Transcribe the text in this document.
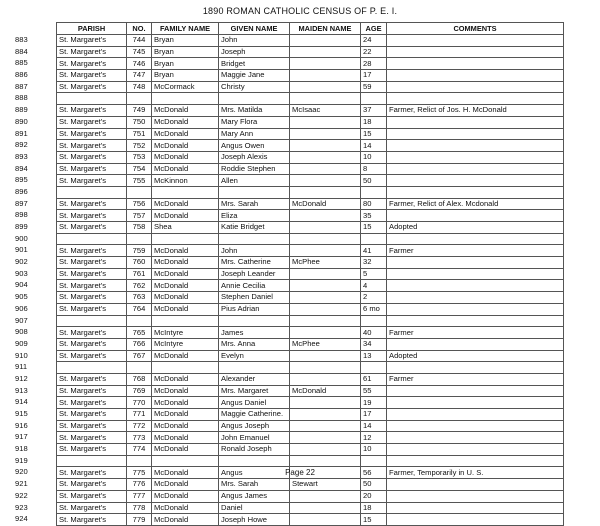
1890 ROMAN CATHOLIC CENSUS OF P. E. I.
PARISH	NO.	FAMILY NAME	GIVEN NAME	MAIDEN NAME	AGE	COMMENTS

883 St. Margaret's	744	Bryan	John		24	

884 St. Margaret's	745	Bryan	Joseph		22	

885 St. Margaret's	746	Bryan	Bridget		28	

886 St. Margaret's	747	Bryan	Maggie Jane		17	

887 St. Margaret's	748	McCormack	Christy		59	

888						

889 St. Margaret's	749	McDonald	Mrs. Matilda	McIsaac	37	Farmer, Relict of Jos. H. McDonald

890 St. Margaret's	750	McDonald	Mary Flora		18	

891 St. Margaret's	751	McDonald	Mary Ann		15	

892 St. Margaret's	752	McDonald	Angus Owen		14	

893 St. Margaret's	753	McDonald	Joseph Alexis		10	

894 St. Margaret's	754	McDonald	Roddie Stephen		8	

895 St. Margaret's	755	McKinnon	Allen		50	

896						

897 St. Margaret's	756	McDonald	Mrs. Sarah	McDonald	80	Farmer, Relict of Alex. Mcdonald

898 St. Margaret's	757	McDonald	Eliza		35	

899 St. Margaret's	758	Shea	Katie Bridget		15	Adopted

900						

901 St. Margaret's	759	McDonald	John		41	Farmer

902 St. Margaret's	760	McDonald	Mrs. Catherine	McPhee	32	

903 St. Margaret's	761	McDonald	Joseph Leander		5	

904 St. Margaret's	762	McDonald	Annie Cecilia		4	

905 St. Margaret's	763	McDonald	Stephen Daniel		2	

906 St. Margaret's	764	McDonald	Pius Adrian		6 mo	

907						

908 St. Margaret's	765	McIntyre	James		40	Farmer

909 St. Margaret's	766	McIntyre	Mrs. Anna	McPhee	34	

910 St. Margaret's	767	McDonald	Evelyn		13	Adopted

911						

912 St. Margaret's	768	McDonald	Alexander		61	Farmer

913 St. Margaret's	769	McDonald	Mrs. Margaret	McDonald	55	

914 St. Margaret's	770	McDonald	Angus Daniel		19	

915 St. Margaret's	771	McDonald	Maggie Catherine.		17	

916 St. Margaret's	772	McDonald	Angus Joseph		14	

917 St. Margaret's	773	McDonald	John Emanuel		12	

918 St. Margaret's	774	McDonald	Ronald Joseph		10	

919						

920 St. Margaret's	775	McDonald	Angus		56	Farmer, Temporarily in U. S.

921 St. Margaret's	776	McDonald	Mrs. Sarah	Stewart	50	

922 St. Margaret's	777	McDonald	Angus James		20	

923 St. Margaret's	778	McDonald	Daniel		18	

924 St. Margaret's	779	McDonald	Joseph Howe		15	
Page 22
